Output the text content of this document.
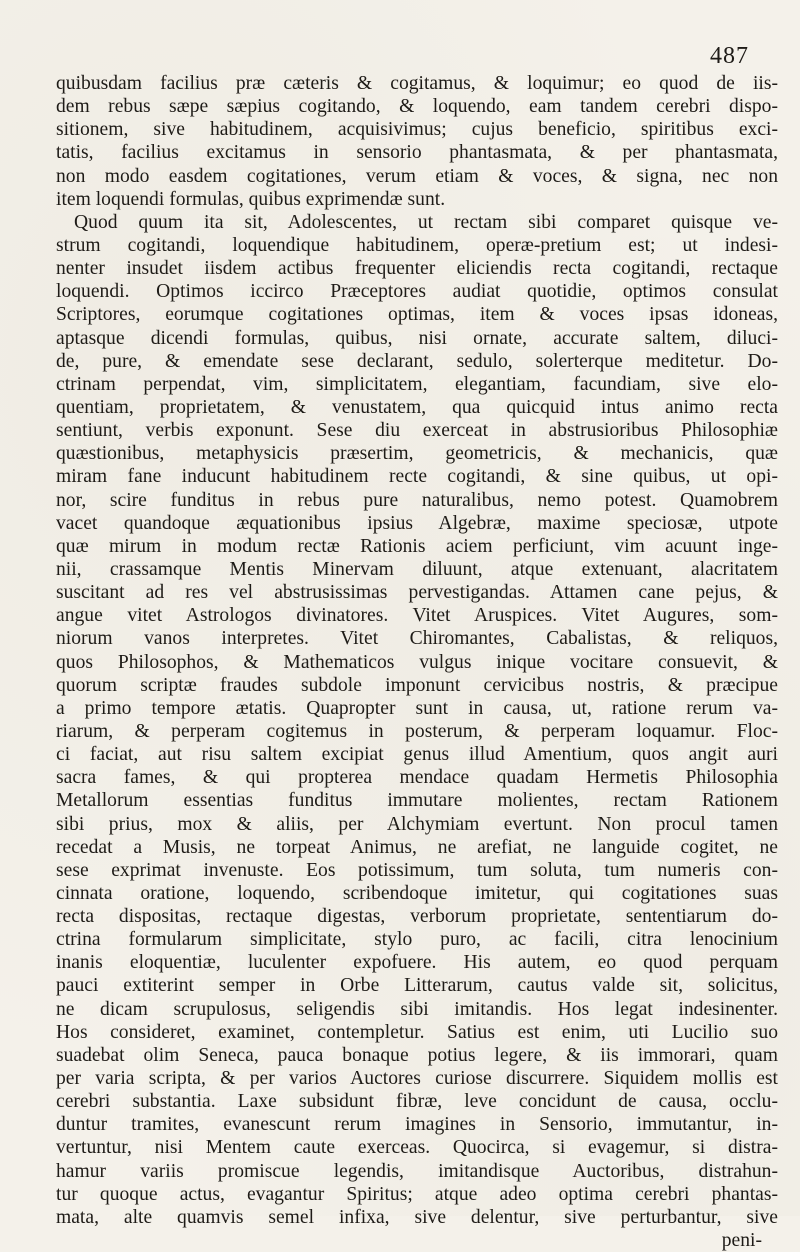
487
quibusdam facilius præ cæteris & cogitamus, & loquimur; eo quod de iis-
dem rebus sæpe sæpius cogitando, & loquendo, eam tandem cerebri dispo-
sitionem, sive habitudinem, acquisivimus; cujus beneficio, spiritibus exci-
tatis, facilius excitamus in sensorio phantasmata, & per phantasmata,
non modo easdem cogitationes, verum etiam & voces, & signa, nec non
item loquendi formulas, quibus exprimendæ sunt.
Quod quum ita sit, Adolescentes, ut rectam sibi comparet quisque ve-
strum cogitandi, loquendique habitudinem, operæ-pretium est; ut indesi-
nenter insudet iisdem actibus frequenter eliciendis recta cogitandi, rectaque
loquendi. Optimos iccirco Præceptores audiat quotidie, optimos consulat
Scriptores, eorumque cogitationes optimas, item & voces ipsas idoneas,
aptasque dicendi formulas, quibus, nisi ornate, accurate saltem, diluci-
de, pure, & emendate sese declarant, sedulo, solerterque meditetur. Do-
ctrinam perpendat, vim, simplicitatem, elegantiam, facundiam, sive elo-
quentiam, proprietatem, & venustatem, qua quicquid intus animo recta
sentiunt, verbis exponunt. Sese diu exerceat in abstrusioribus Philosophiæ
quæstionibus, metaphysicis præsertim, geometricis, & mechanicis, quæ
miram fane inducunt habitudinem recte cogitandi, & sine quibus, ut opi-
nor, scire funditus in rebus pure naturalibus, nemo potest. Quamobrem
vacet quandoque æquationibus ipsius Algebræ, maxime speciosæ, utpote
quæ mirum in modum rectæ Rationis aciem perficiunt, vim acuunt inge-
nii, crassamque Mentis Minervam diluunt, atque extenuant, alacritatem
suscitant ad res vel abstrusissimas pervestigandas. Attamen cane pejus, &
angue vitet Astrologos divinatores. Vitet Aruspices. Vitet Augures, som-
niorum vanos interpretes. Vitet Chiromantes, Cabalistas, & reliquos,
quos Philosophos, & Mathematicos vulgus inique vocitare consuevit, &
quorum scriptæ fraudes subdole imponunt cervicibus nostris, & præcipue
a primo tempore ætatis. Quapropter sunt in causa, ut, ratione rerum va-
riarum, & perperam cogitemus in posterum, & perperam loquamur. Floc-
ci faciat, aut risu saltem excipiat genus illud Amentium, quos angit auri
sacra fames, & qui propterea mendace quadam Hermetis Philosophia
Metallorum essentias funditus immutare molientes, rectam Rationem
sibi prius, mox & aliis, per Alchymiam evertunt. Non procul tamen
recedat a Musis, ne torpeat Animus, ne arefiat, ne languide cogitet, ne
sese exprimat invenuste. Eos potissimum, tum soluta, tum numeris con-
cinnata oratione, loquendo, scribendoque imitetur, qui cogitationes suas
recta dispositas, rectaque digestas, verborum proprietate, sententiarum do-
ctrina formularum simplicitate, stylo puro, ac facili, citra lenocinium
inanis eloquentiæ, luculenter expofuere. His autem, eo quod perquam
pauci extiterint semper in Orbe Litterarum, cautus valde sit, solicitus,
ne dicam scrupulosus, seligendis sibi imitandis. Hos legat indesinenter.
Hos consideret, examinet, contempletur. Satius est enim, uti Lucilio suo
suadebat olim Seneca, pauca bonaque potius legere, & iis immorari, quam
per varia scripta, & per varios Auctores curiose discurrere. Siquidem mollis est
cerebri substantia. Laxe subsidunt fibræ, leve concidunt de causa, occlu-
duntur tramites, evanescunt rerum imagines in Sensorio, immutantur, in-
vertuntur, nisi Mentem caute exerceas. Quocirca, si evagemur, si distra-
hamur variis promiscue legendis, imitandisque Auctoribus, distrahun-
tur quoque actus, evagantur Spiritus; atque adeo optima cerebri phantas-
mata, alte quamvis semel infixa, sive delentur, sive perturbantur, sive
peni-
